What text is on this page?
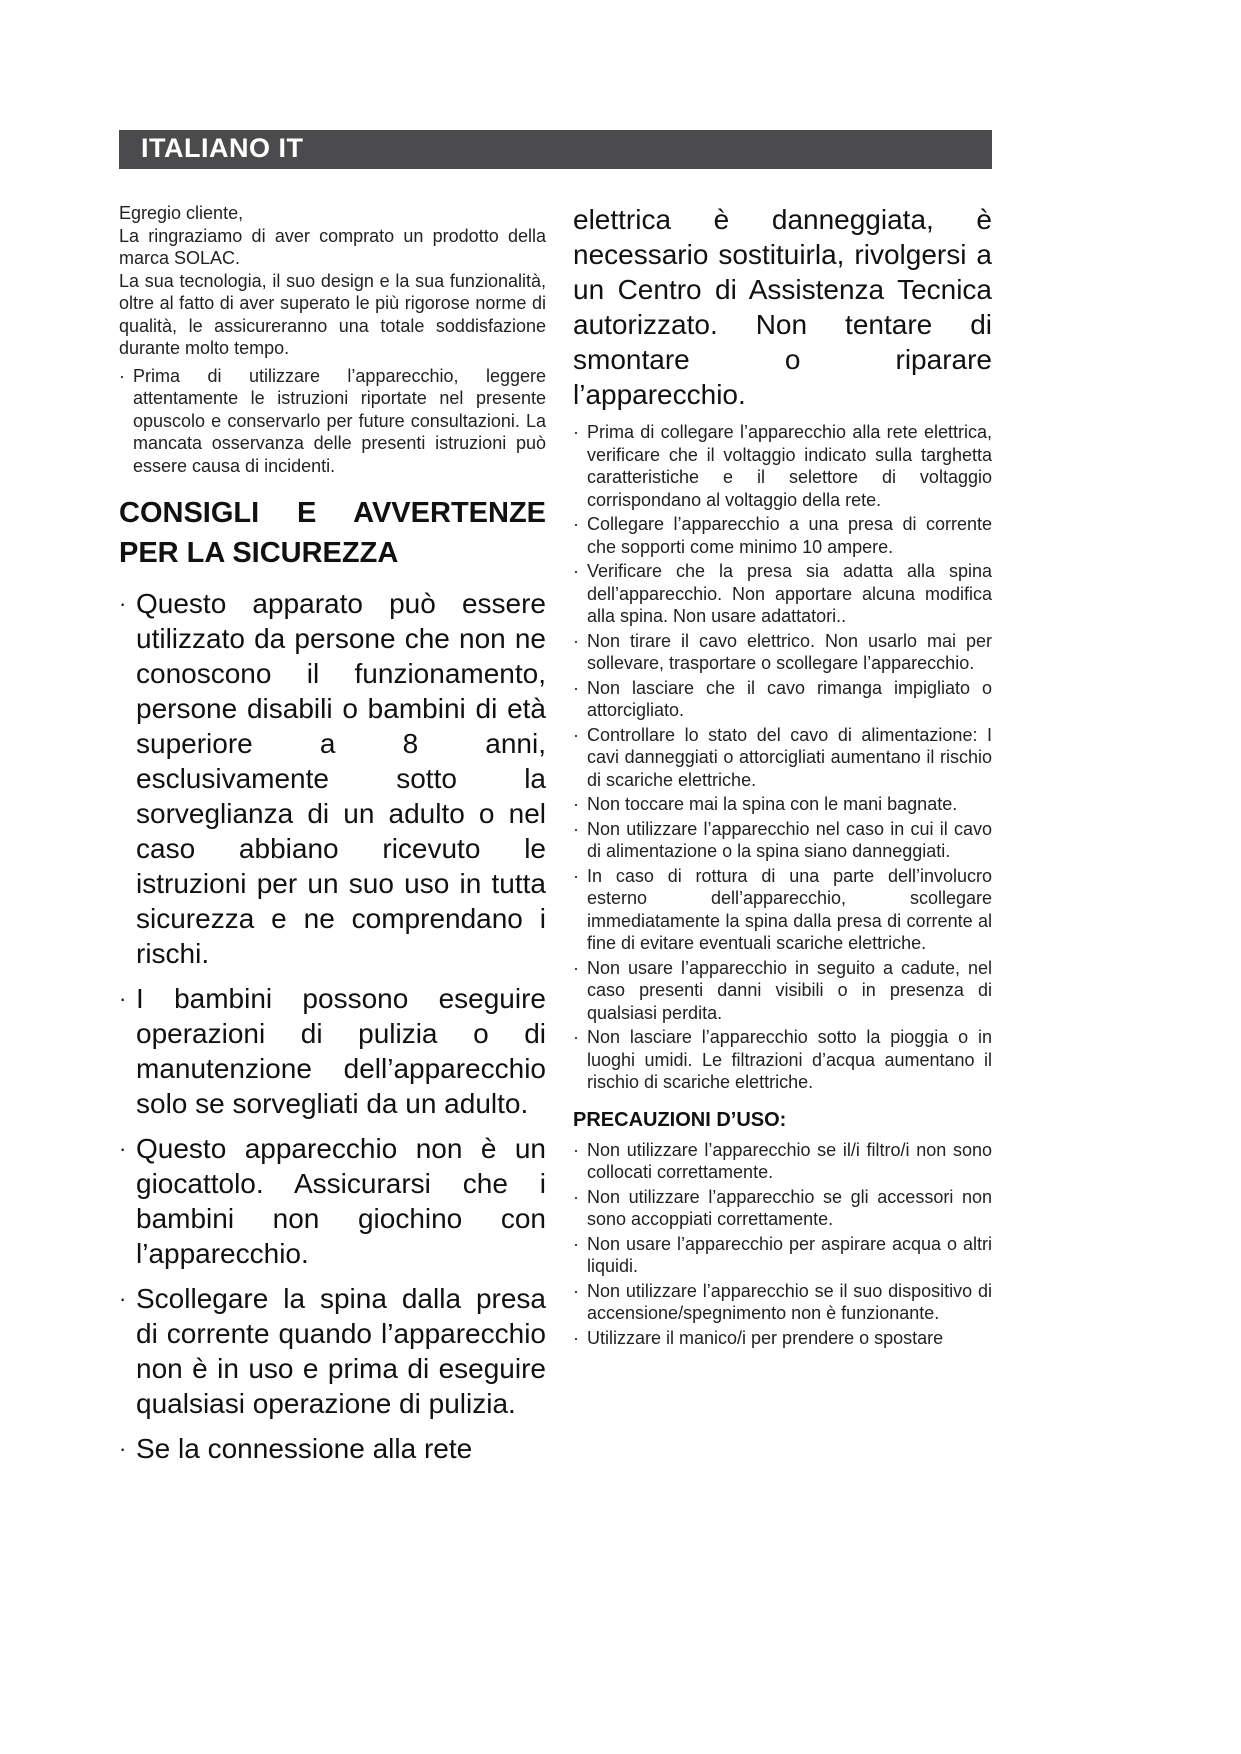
ITALIANO IT

Egregio cliente,

La ringraziamo di aver comprato un prodotto della marca SOLAC.

La sua tecnologia, il suo design e la sua funzionalità, oltre al fatto di aver superato le più rigorose norme di qualità, le assicureranno una totale soddisfazione durante molto tempo.

· Prima di utilizzare l’apparecchio, leggere attentamente le istruzioni riportate nel presente opuscolo e conservarlo per future consultazioni. La mancata osservanza delle presenti istruzioni può essere causa di incidenti.
CONSIGLI E AVVERTENZE PER LA SICUREZZA
· Questo apparato può essere utilizzato da persone che non ne conoscono il funzionamento, persone disabili o bambini di età superiore a 8 anni, esclusivamente sotto la sorveglianza di un adulto o nel caso abbiano ricevuto le istruzioni per un suo uso in tutta sicurezza e ne comprendano i rischi.
· I bambini possono eseguire operazioni di pulizia o di manutenzione dell’apparecchio solo se sorvegliati da un adulto.
· Questo apparecchio non è un giocattolo. Assicurarsi che i bambini non giochino con l’apparecchio.
· Scollegare la spina dalla presa di corrente quando l’apparecchio non è in uso e prima di eseguire qualsiasi operazione di pulizia.
· Se la connessione alla rete
elettrica è danneggiata, è necessario sostituirla, rivolgersi a un Centro di Assistenza Tecnica autorizzato. Non tentare di smontare o riparare l’apparecchio.
· Prima di collegare l’apparecchio alla rete elettrica, verificare che il voltaggio indicato sulla targhetta caratteristiche e il selettore di voltaggio corrispondano al voltaggio della rete.
· Collegare l’apparecchio a una presa di corrente che sopporti come minimo 10 ampere.
· Verificare che la presa sia adatta alla spina dell’apparecchio. Non apportare alcuna modifica alla spina. Non usare adattatori..
· Non tirare il cavo elettrico. Non usarlo mai per sollevare, trasportare o scollegare l’apparecchio.
· Non lasciare che il cavo rimanga impigliato o attorcigliato.
· Controllare lo stato del cavo di alimentazione: I cavi danneggiati o attorcigliati aumentano il rischio di scariche elettriche.
· Non toccare mai la spina con le mani bagnate.
· Non utilizzare l’apparecchio nel caso in cui il cavo di alimentazione o la spina siano danneggiati.
· In caso di rottura di una parte dell’involucro esterno dell’apparecchio, scollegare immediatamente la spina dalla presa di corrente al fine di evitare eventuali scariche elettriche.
· Non usare l’apparecchio in seguito a cadute, nel caso presenti danni visibili o in presenza di qualsiasi perdita.
· Non lasciare l’apparecchio sotto la pioggia o in luoghi umidi. Le filtrazioni d’acqua aumentano il rischio di scariche elettriche.
PRECAUZIONI D’USO:
· Non utilizzare l’apparecchio se il/i filtro/i non sono collocati correttamente.
· Non utilizzare l’apparecchio se gli accessori non sono accoppiati correttamente.
· Non usare l’apparecchio per aspirare acqua o altri liquidi.
· Non utilizzare l’apparecchio se il suo dispositivo di accensione/spegnimento non è funzionante.
· Utilizzare il manico/i per prendere o spostare
